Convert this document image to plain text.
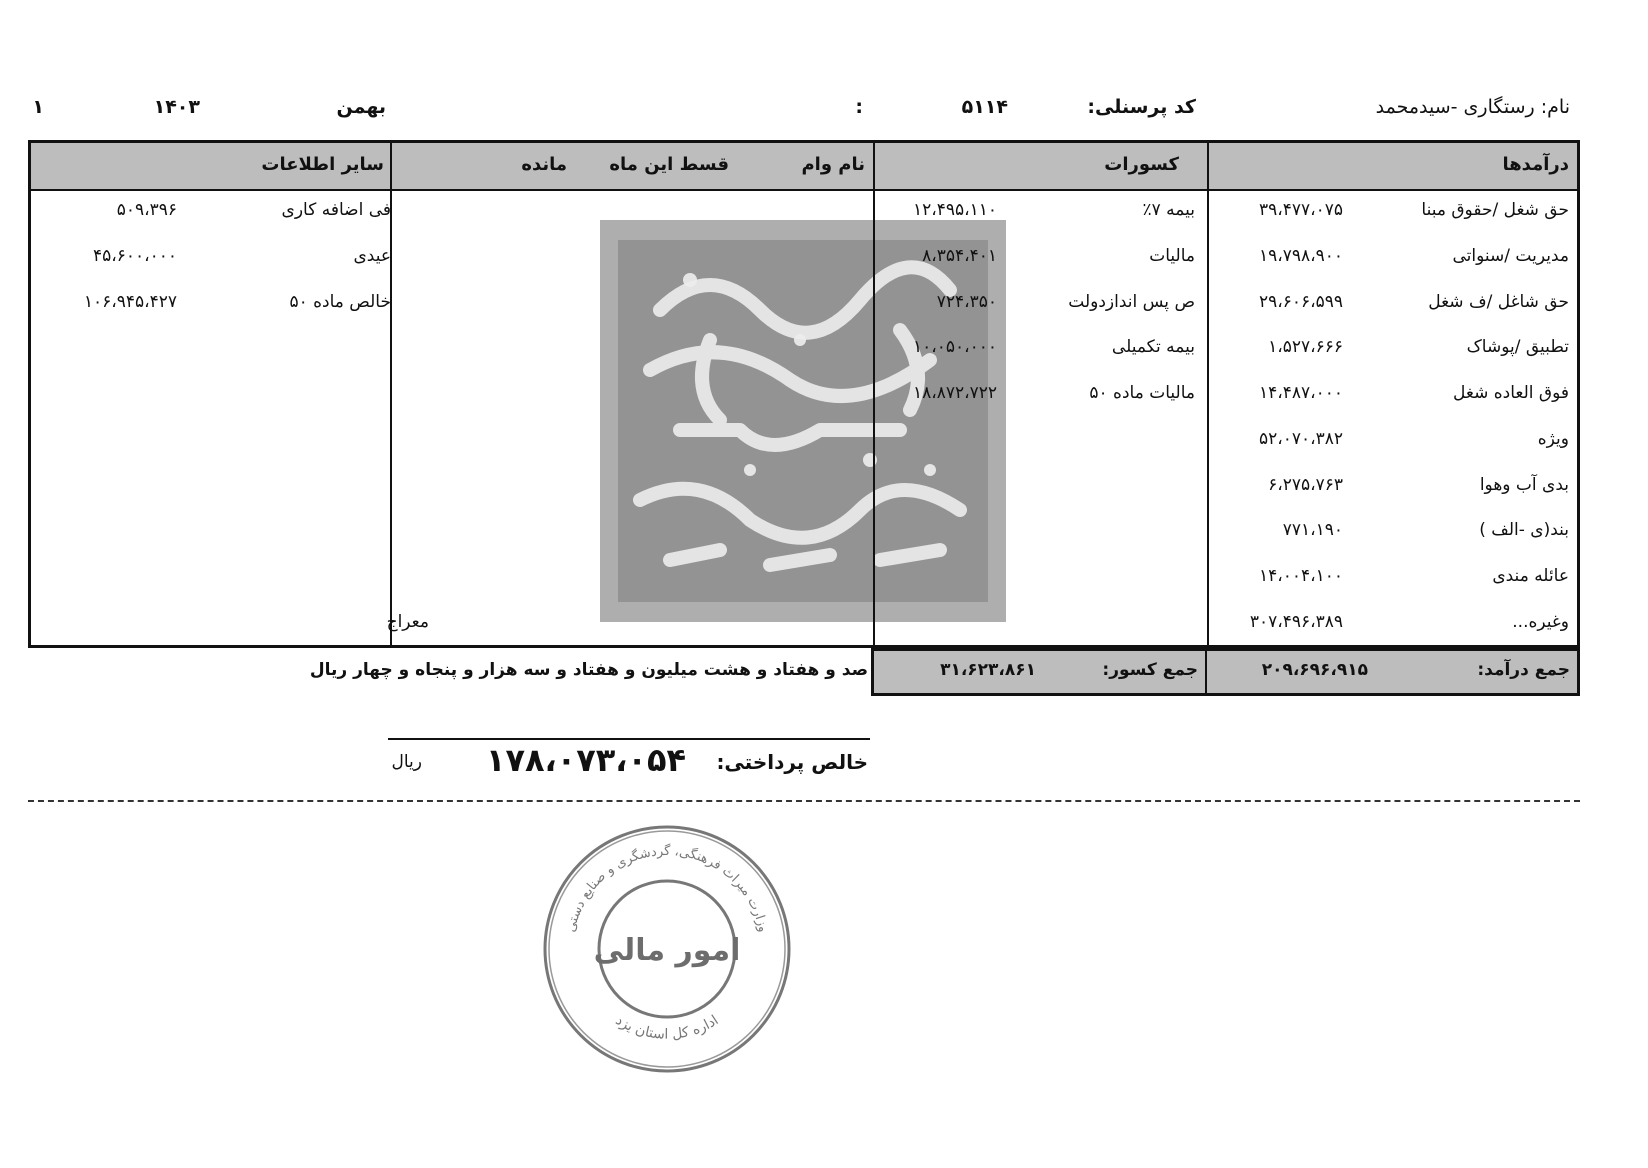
نام: رستگاری -سیدمحمد
کد پرسنلی:
۵۱۱۴
:
بهمن
۱۴۰۳
۱
درآمدها
کسورات
نام وام
قسط این ماه
مانده
سایر اطلاعات
حق شغل /حقوق مبنا
۳۹،۴۷۷،۰۷۵
مدیریت /سنواتی
۱۹،۷۹۸،۹۰۰
حق شاغل /ف شغل
۲۹،۶۰۶،۵۹۹
تطبیق /پوشاک
۱،۵۲۷،۶۶۶
فوق العاده شغل
۱۴،۴۸۷،۰۰۰
ویژه
۵۲،۰۷۰،۳۸۲
بدی آب وهوا
۶،۲۷۵،۷۶۳
بند(ی -الف )
۷۷۱،۱۹۰
عائله مندی
۱۴،۰۰۴،۱۰۰
وغیره...
۳۰۷،۴۹۶،۳۸۹
بیمه ۷٪
۱۲،۴۹۵،۱۱۰
مالیات
۸،۳۵۴،۴۰۱
ص پس اندازدولت
۷۲۴،۳۵۰
بیمه تکمیلی
۱۰،۰۵۰،۰۰۰
مالیات ماده ۵۰
۱۸،۸۷۲،۷۲۲
معراج
فی اضافه کاری
۵۰۹،۳۹۶
عیدی
۴۵،۶۰۰،۰۰۰
خالص ماده ۵۰
۱۰۶،۹۴۵،۴۲۷
جمع درآمد:
۲۰۹،۶۹۶،۹۱۵
جمع کسور:
۳۱،۶۲۳،۸۶۱
صد و هفتاد و هشت میلیون و هفتاد و سه هزار و پنجاه و چهار ریال
خالص پرداختی:
۱۷۸،۰۷۳،۰۵۴
ریال
وزارت میراث فرهنگی، گردشگری و صنایع دستی
اداره کل استان یزد
امور مالی
